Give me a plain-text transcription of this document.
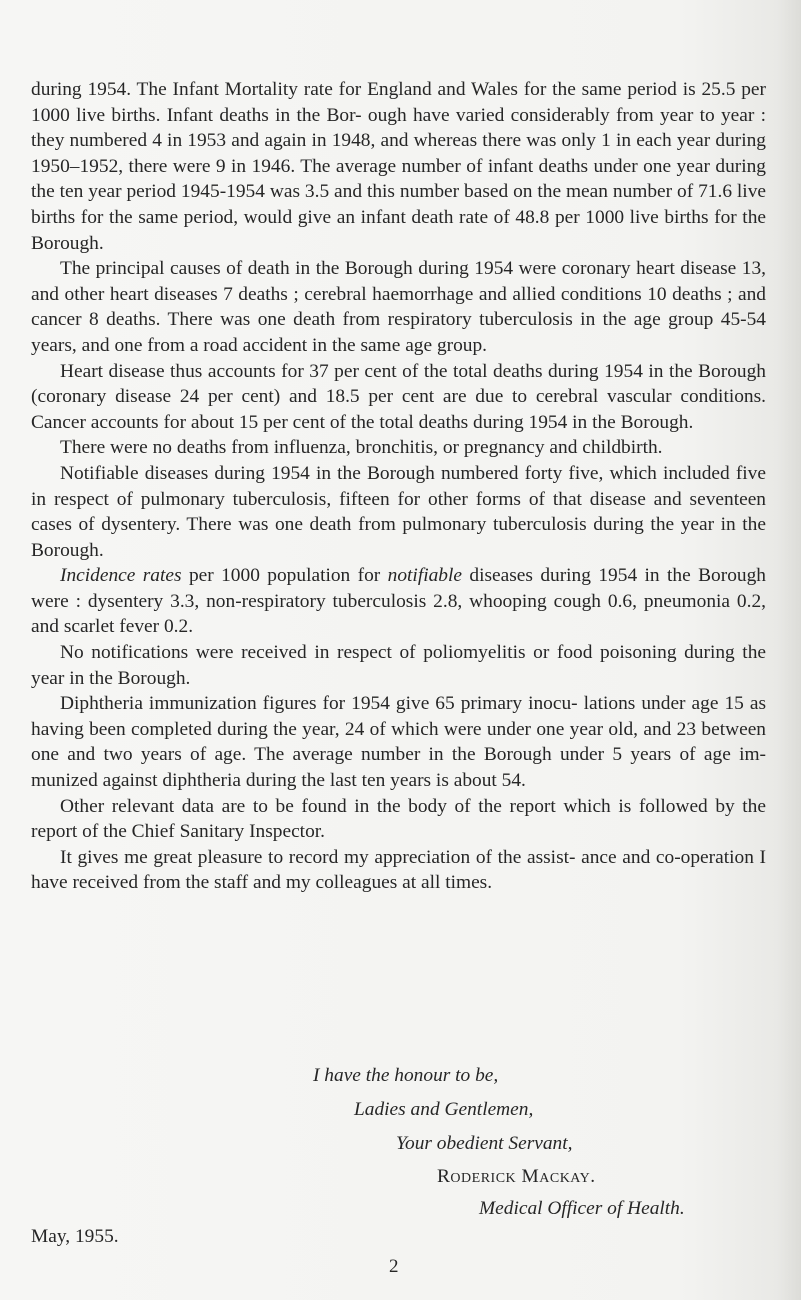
during 1954. The Infant Mortality rate for England and Wales for the same period is 25.5 per 1000 live births. Infant deaths in the Bor- ough have varied considerably from year to year : they numbered 4 in 1953 and again in 1948, and whereas there was only 1 in each year during 1950–1952, there were 9 in 1946. The average number of infant deaths under one year during the ten year period 1945-1954 was 3.5 and this number based on the mean number of 71.6 live births for the same period, would give an infant death rate of 48.8 per 1000 live births for the Borough.

The principal causes of death in the Borough during 1954 were coronary heart disease 13, and other heart diseases 7 deaths ; cerebral haemorrhage and allied conditions 10 deaths ; and cancer 8 deaths. There was one death from respiratory tuberculosis in the age group 45-54 years, and one from a road accident in the same age group.

Heart disease thus accounts for 37 per cent of the total deaths during 1954 in the Borough (coronary disease 24 per cent) and 18.5 per cent are due to cerebral vascular conditions. Cancer accounts for about 15 per cent of the total deaths during 1954 in the Borough.

There were no deaths from influenza, bronchitis, or pregnancy and childbirth.

Notifiable diseases during 1954 in the Borough numbered forty five, which included five in respect of pulmonary tuberculosis, fifteen for other forms of that disease and seventeen cases of dysentery. There was one death from pulmonary tuberculosis during the year in the Borough.

Incidence rates per 1000 population for notifiable diseases during 1954 in the Borough were : dysentery 3.3, non-respiratory tuberculosis 2.8, whooping cough 0.6, pneumonia 0.2, and scarlet fever 0.2.

No notifications were received in respect of poliomyelitis or food poisoning during the year in the Borough.

Diphtheria immunization figures for 1954 give 65 primary inocu- lations under age 15 as having been completed during the year, 24 of which were under one year old, and 23 between one and two years of age. The average number in the Borough under 5 years of age im- munized against diphtheria during the last ten years is about 54.

Other relevant data are to be found in the body of the report which is followed by the report of the Chief Sanitary Inspector.

It gives me great pleasure to record my appreciation of the assist- ance and co-operation I have received from the staff and my colleagues at all times.

I have the honour to be,
Ladies and Gentlemen,
Your obedient Servant,
Roderick Mackay.
Medical Officer of Health.
May, 1955.
2
